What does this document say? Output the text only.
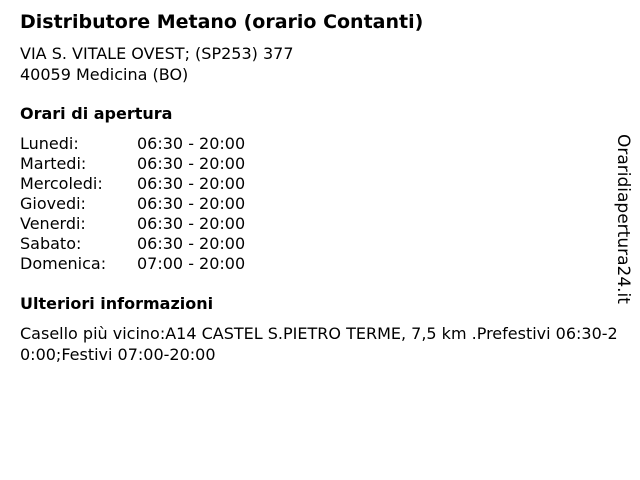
Distributore Metano (orario Contanti)
VIA S. VITALE OVEST; (SP253) 377
40059 Medicina (BO)
Orari di apertura
Lunedi:	06:30 - 20:00
Martedi:	06:30 - 20:00
Mercoledi:	06:30 - 20:00
Giovedi:	06:30 - 20:00
Venerdi:	06:30 - 20:00
Sabato:	06:30 - 20:00
Domenica:	07:00 - 20:00
Ulteriori informazioni
Casello più vicino:A14 CASTEL S.PIETRO TERME, 7,5 km .Prefestivi 06:30-20:00;Festivi 07:00-20:00
Oraridiapertura24.it
